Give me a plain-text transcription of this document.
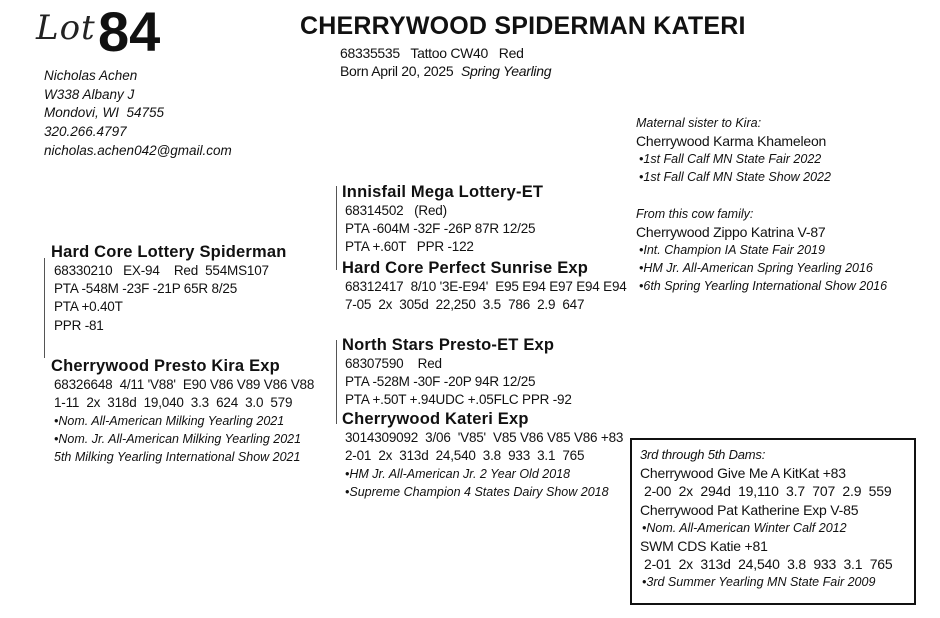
Lot 84	CHERRYWOOD SPIDERMAN KATERI
68335535   Tattoo CW40   Red
Born April 20, 2025 Spring Yearling
Nicholas Achen
W338 Albany J
Mondovi, WI  54755
320.266.4797
nicholas.achen042@gmail.com
Hard Core Lottery Spiderman
68330210   EX-94    Red  554MS107
PTA -548M -23F -21P 65R 8/25
PTA +0.40T
PPR -81
Innisfail Mega Lottery-ET
68314502   (Red)
PTA -604M -32F -26P 87R 12/25
PTA +.60T   PPR -122
Hard Core Perfect Sunrise Exp
68312417  8/10 '3E-E94'  E95 E94 E97 E94 E94
7-05  2x  305d  22,250  3.5  786  2.9  647
Cherrywood Presto Kira Exp
68326648  4/11 'V88'  E90 V86 V89 V86 V88
1-11  2x  318d  19,040  3.3  624  3.0  579
•Nom. All-American Milking Yearling 2021
•Nom. Jr. All-American Milking Yearling 2021
5th Milking Yearling International Show 2021
North Stars Presto-ET Exp
68307590    Red
PTA -528M -30F -20P 94R 12/25
PTA +.50T +.94UDC +.05FLC PPR -92
Cherrywood Kateri Exp
3014309092  3/06  'V85'  V85 V86 V85 V86 +83
2-01  2x  313d  24,540  3.8  933  3.1  765
•HM Jr. All-American Jr. 2 Year Old 2018
•Supreme Champion 4 States Dairy Show 2018
Maternal sister to Kira:
Cherrywood Karma Khameleon
•1st Fall Calf MN State Fair 2022
•1st Fall Calf MN State Show 2022
From this cow family:
Cherrywood Zippo Katrina V-87
•Int. Champion IA State Fair 2019
•HM Jr. All-American Spring Yearling 2016
•6th Spring Yearling International Show 2016
3rd through 5th Dams:
Cherrywood Give Me A KitKat +83
2-00  2x  294d  19,110  3.7  707  2.9  559
Cherrywood Pat Katherine Exp V-85
•Nom. All-American Winter Calf 2012
SWM CDS Katie +81
2-01  2x  313d  24,540  3.8  933  3.1  765
•3rd Summer Yearling MN State Fair 2009
